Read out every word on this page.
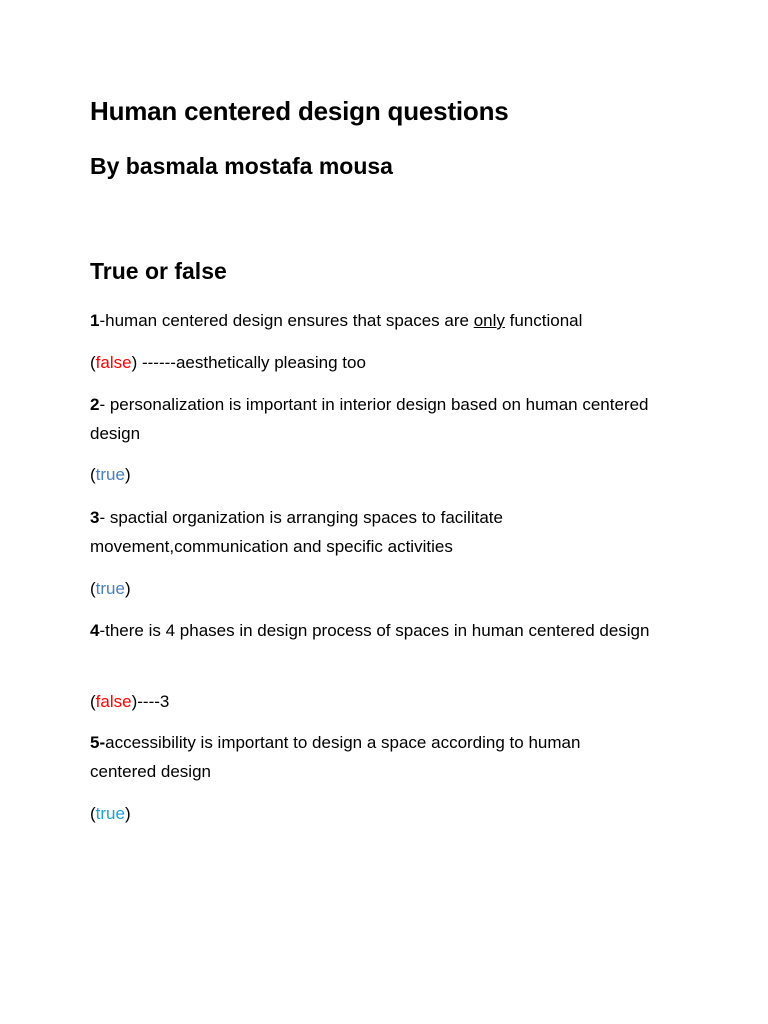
Human centered design questions
By basmala mostafa mousa
True or false
1-human centered design ensures that spaces are only functional
(false) ------aesthetically pleasing too
2- personalization is important in interior design based on human centered design
(true)
3- spactial organization is arranging spaces to facilitate movement,communication and specific activities
(true)
4-there is 4 phases in design process of spaces in human centered design
(false)----3
5-accessibility is important to design a space according to human centered design
(true)
